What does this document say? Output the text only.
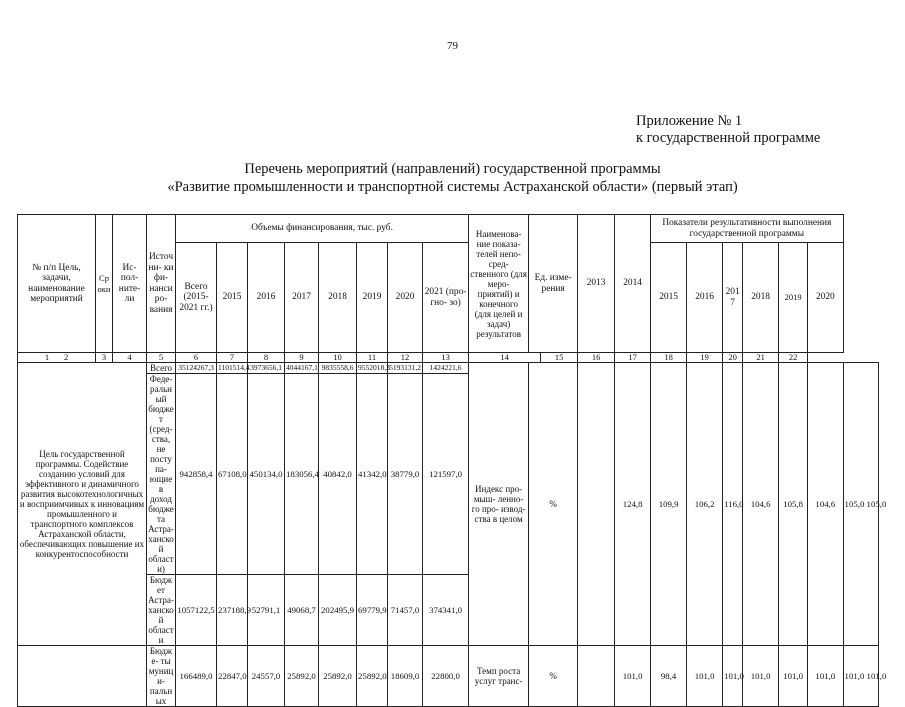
79
Приложение № 1
к государственной программе
Перечень мероприятий (направлений) государственной программы
«Развитие промышленности и транспортной системы Астраханской области» (первый этап)
№ п/п Цель, задачи, наименование мероприятий	Сроки	Ис- пол- ните- ли	Источни- ки фи- нансиро- вания	Объемы финансирования, тыс. руб.								Наименова- ние показа- телей непо- сред- ственного (для меро- приятий) и конечного (для целей и задач) результатов	Ед. изме- рения		2013	2014	Показатели результативности выполнения государственной программы						
				Всего (2015- 2021 гг.)	2015	2016	2017	2018	2019	2020	2021 (про- гно- зо)						2015	2016	2017	2018	2019	2020	
1 2	3	4	5	6	7	8	9	10	11	12	13	14		15	16	17	18	19	20	21	22		
Цель государственной программы. Содействие созданию условий для эффективного и динамичного развития высокотехнологичных и восприимчивых к инновациям промышленного и транспортного комплексов Астраханской области, обеспечивающих повышение их конкурентоспособности			Всего	35124267,3	1101514,4	3973656,1	4044167,1	9835558,6	9552018,3	5193131,2	1424221,6	Индекс про- мыш- ленно- го про- извод- ства в целом	%			124,8	109,9	106,2	116,0	104,6	105,8	104,6	105,0 105,0
			Феде- ральный бюджет (сред- ства, не поступа- ющие в доход бюджета Астра- ханской области)	942858,4	67108,0	450134,0	183056,4	40842,0	41342,0	38779,0	121597,0												
			Бюджет Астра- ханской области	1057122,5	237188,9	52791,1	49068,7	202495,9	69779,9	71457,0	374341,0												
			Бюдже- ты муници- пальных	166489,0	22847,0	24557,0	25892,0	25892,0	25892,0	18609,0	22800,0	Темп роста услуг транс-	%			101,0	98,4	101,0	101,0	101,0	101,0	101,0	101,0 101,0
